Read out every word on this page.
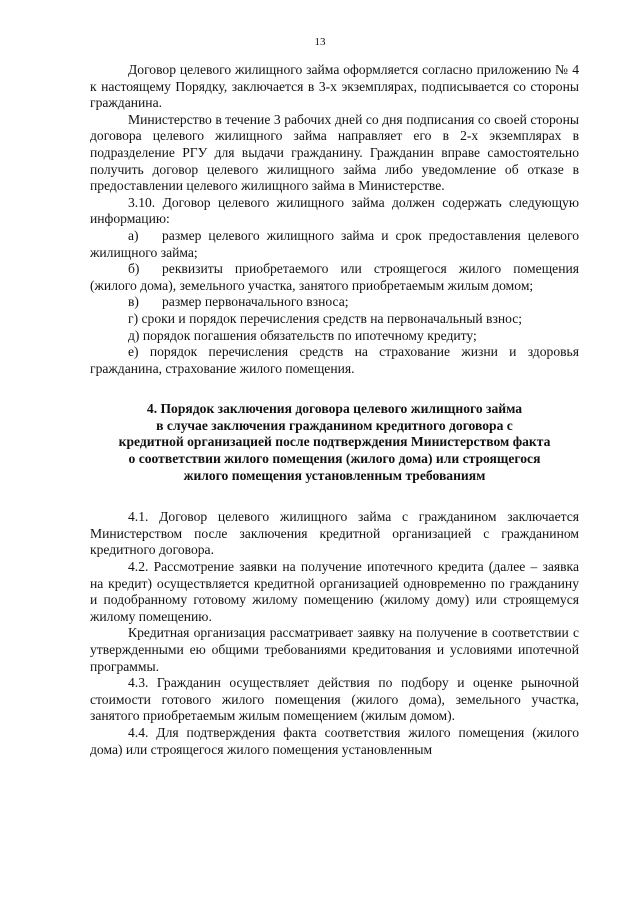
13

Договор целевого жилищного займа оформляется согласно приложению № 4 к настоящему Порядку, заключается в 3-х экземплярах, подписывается со стороны гражданина.

Министерство в течение 3 рабочих дней со дня подписания со своей стороны договора целевого жилищного займа направляет его в 2-х экземплярах в подразделение РГУ для выдачи гражданину. Гражданин вправе самостоятельно получить договор целевого жилищного займа либо уведомление об отказе в предоставлении целевого жилищного займа в Министерстве.

3.10. Договор целевого жилищного займа должен содержать следующую информацию:

а) размер целевого жилищного займа и срок предоставления целевого жилищного займа;

б) реквизиты приобретаемого или строящегося жилого помещения (жилого дома), земельного участка, занятого приобретаемым жилым домом;

в) размер первоначального взноса;

г) сроки и порядок перечисления средств на первоначальный взнос;

д) порядок погашения обязательств по ипотечному кредиту;

е) порядок перечисления средств на страхование жизни и здоровья гражданина, страхование жилого помещения.

4. Порядок заключения договора целевого жилищного займа
в случае заключения гражданином кредитного договора с
кредитной организацией после подтверждения Министерством факта
о соответствии жилого помещения (жилого дома) или строящегося
жилого помещения установленным требованиям

4.1. Договор целевого жилищного займа с гражданином заключается Министерством после заключения кредитной организацией с гражданином кредитного договора.

4.2. Рассмотрение заявки на получение ипотечного кредита (далее – заявка на кредит) осуществляется кредитной организацией одновременно по гражданину и подобранному готовому жилому помещению (жилому дому) или строящемуся жилому помещению.

Кредитная организация рассматривает заявку на получение в соответствии с утвержденными ею общими требованиями кредитования и условиями ипотечной программы.

4.3. Гражданин осуществляет действия по подбору и оценке рыночной стоимости готового жилого помещения (жилого дома), земельного участка, занятого приобретаемым жилым помещением (жилым домом).

4.4. Для подтверждения факта соответствия жилого помещения (жилого дома) или строящегося жилого помещения установленным
